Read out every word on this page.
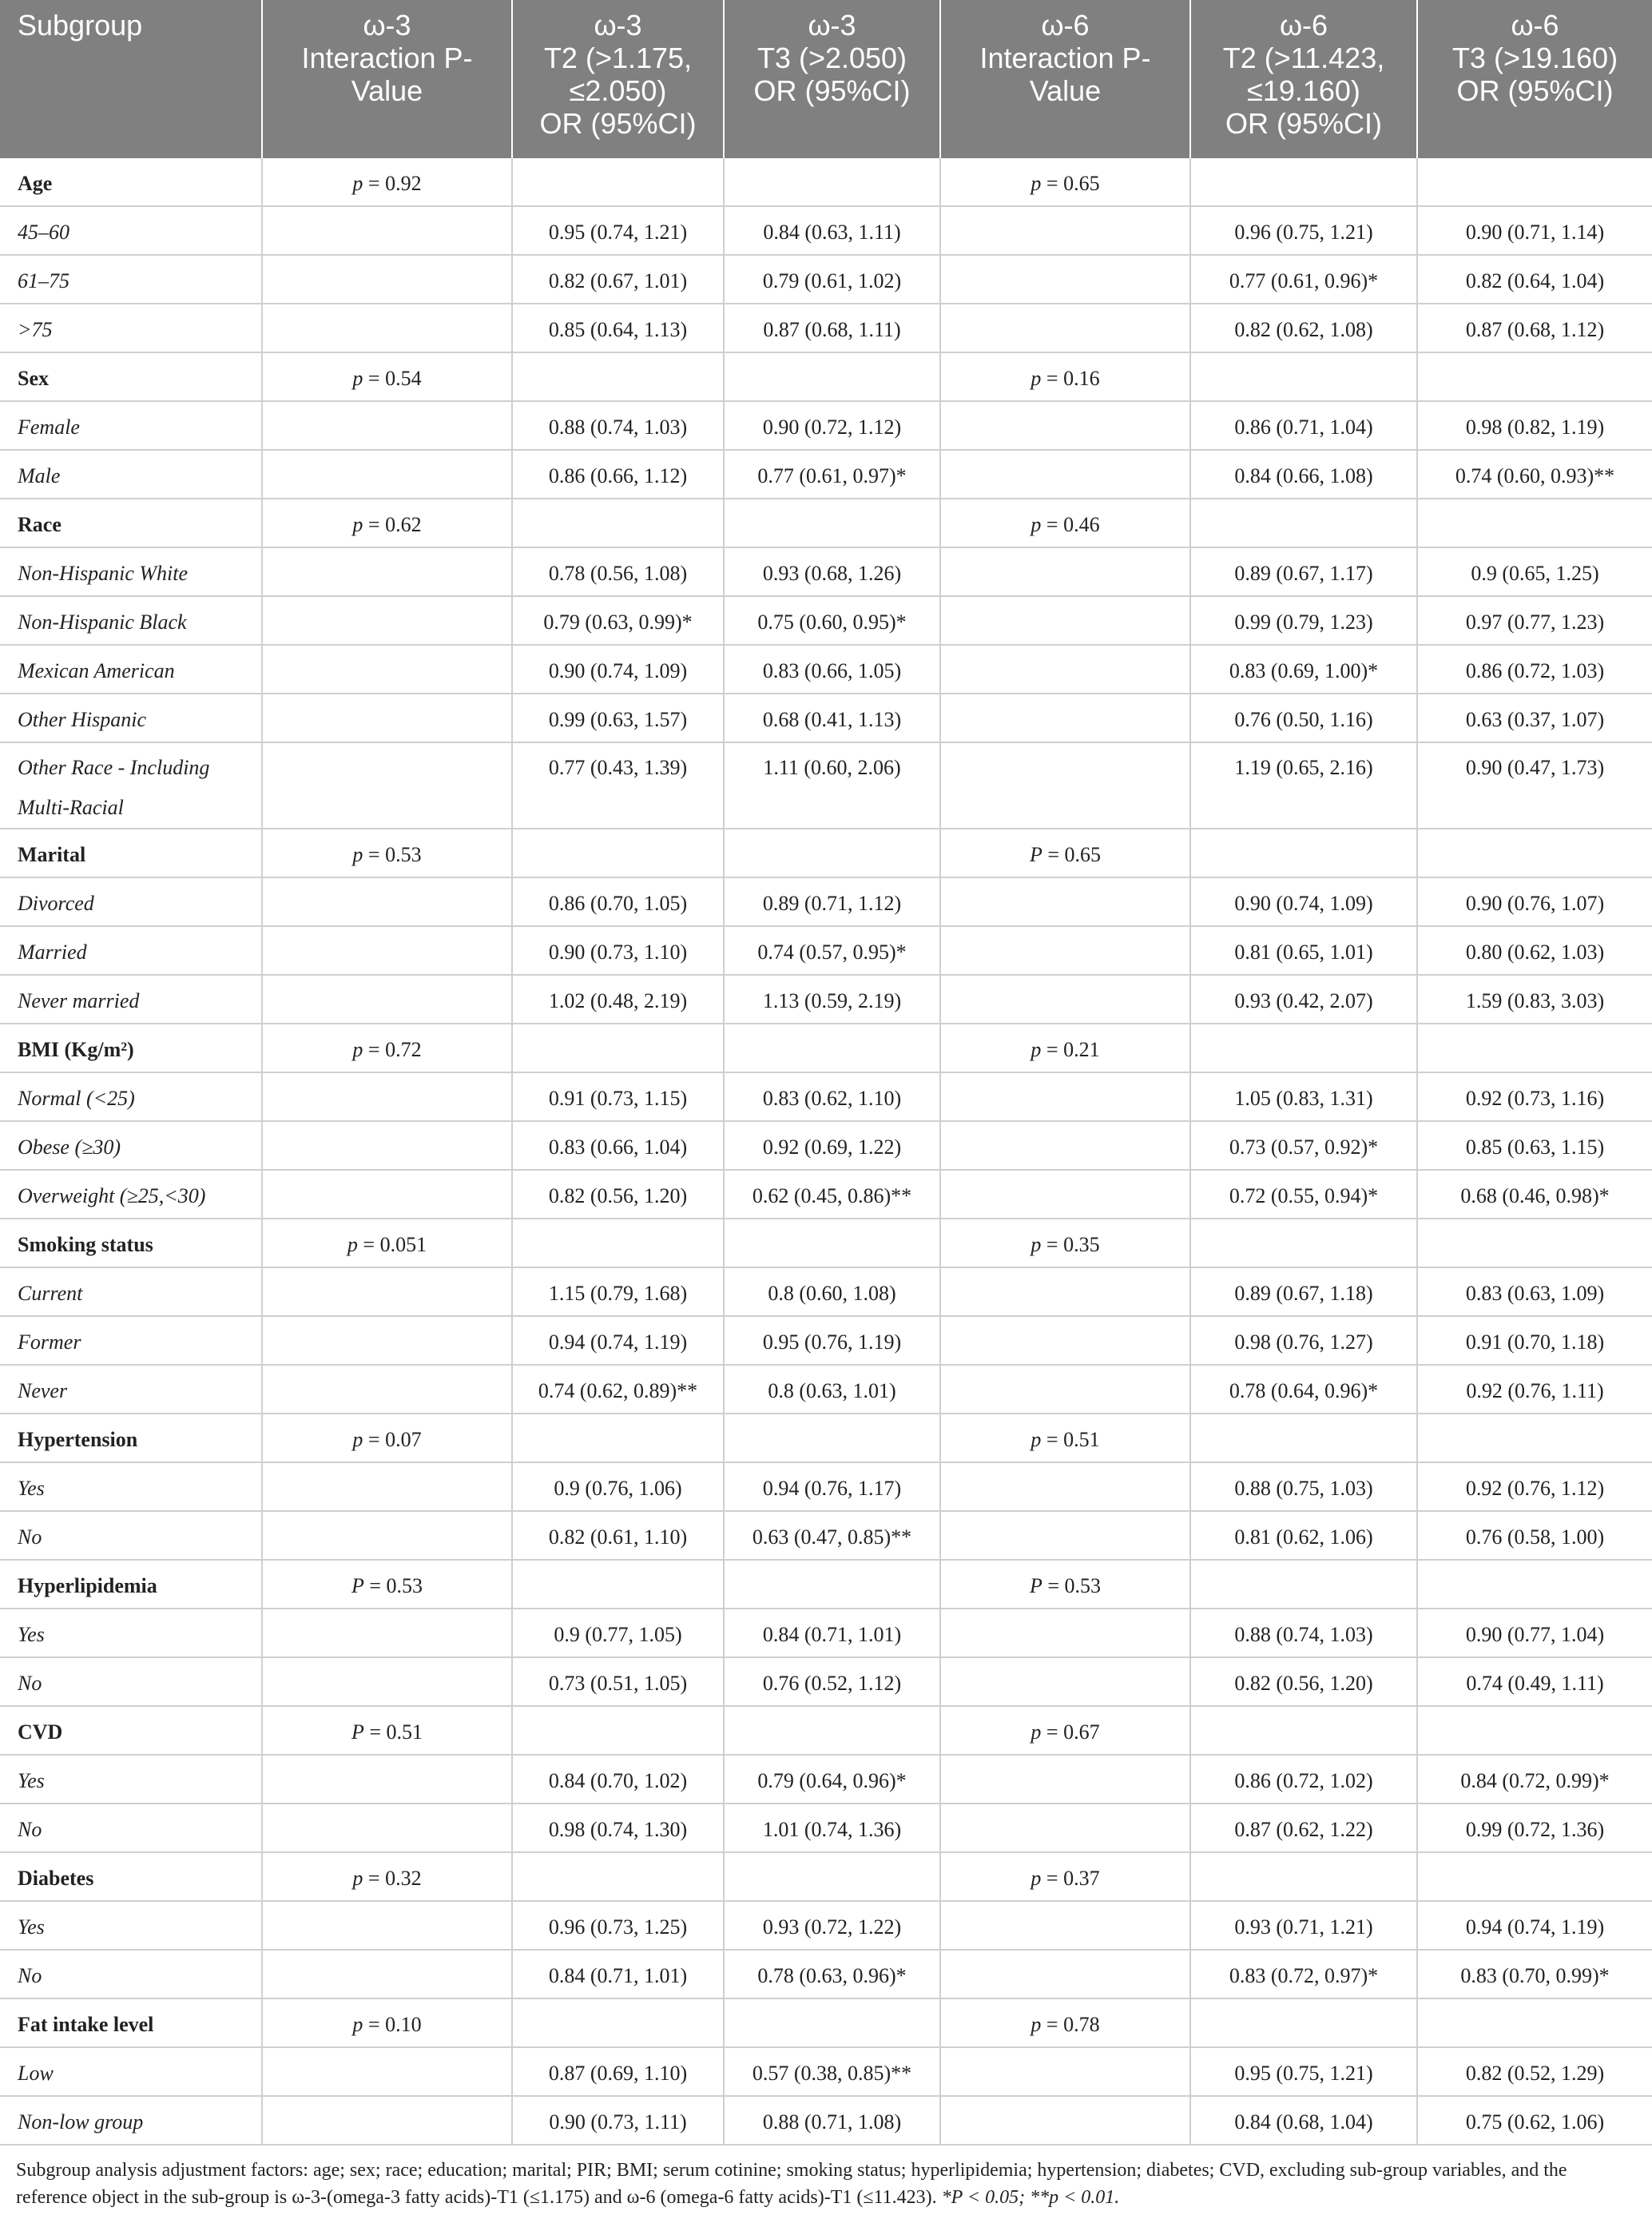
Subgroup	ω-3
Interaction P-
Value	ω-3
T2 (>1.175,
≤2.050)
OR (95%CI)	ω-3
T3 (>2.050)
OR (95%CI)	ω-6
Interaction P-
Value	ω-6
T2 (>11.423,
≤19.160)
OR (95%CI)	ω-6
T3 (>19.160)
OR (95%CI)

Age	p = 0.92			p = 0.65		

45–60		0.95 (0.74, 1.21)	0.84 (0.63, 1.11)		0.96 (0.75, 1.21)	0.90 (0.71, 1.14)

61–75		0.82 (0.67, 1.01)	0.79 (0.61, 1.02)		0.77 (0.61, 0.96)*	0.82 (0.64, 1.04)

>75		0.85 (0.64, 1.13)	0.87 (0.68, 1.11)		0.82 (0.62, 1.08)	0.87 (0.68, 1.12)

Sex	p = 0.54			p = 0.16		

Female		0.88 (0.74, 1.03)	0.90 (0.72, 1.12)		0.86 (0.71, 1.04)	0.98 (0.82, 1.19)

Male		0.86 (0.66, 1.12)	0.77 (0.61, 0.97)*		0.84 (0.66, 1.08)	0.74 (0.60, 0.93)**

Race	p = 0.62			p = 0.46		

Non-Hispanic White		0.78 (0.56, 1.08)	0.93 (0.68, 1.26)		0.89 (0.67, 1.17)	0.9 (0.65, 1.25)

Non-Hispanic Black		0.79 (0.63, 0.99)*	0.75 (0.60, 0.95)*		0.99 (0.79, 1.23)	0.97 (0.77, 1.23)

Mexican American		0.90 (0.74, 1.09)	0.83 (0.66, 1.05)		0.83 (0.69, 1.00)*	0.86 (0.72, 1.03)

Other Hispanic		0.99 (0.63, 1.57)	0.68 (0.41, 1.13)		0.76 (0.50, 1.16)	0.63 (0.37, 1.07)

Other Race - Including Multi-Racial		0.77 (0.43, 1.39)	1.11 (0.60, 2.06)		1.19 (0.65, 2.16)	0.90 (0.47, 1.73)

Marital	p = 0.53			P = 0.65		

Divorced		0.86 (0.70, 1.05)	0.89 (0.71, 1.12)		0.90 (0.74, 1.09)	0.90 (0.76, 1.07)

Married		0.90 (0.73, 1.10)	0.74 (0.57, 0.95)*		0.81 (0.65, 1.01)	0.80 (0.62, 1.03)

Never married		1.02 (0.48, 2.19)	1.13 (0.59, 2.19)		0.93 (0.42, 2.07)	1.59 (0.83, 3.03)

BMI (Kg/m²)	p = 0.72			p = 0.21		

Normal (<25)		0.91 (0.73, 1.15)	0.83 (0.62, 1.10)		1.05 (0.83, 1.31)	0.92 (0.73, 1.16)

Obese (≥30)		0.83 (0.66, 1.04)	0.92 (0.69, 1.22)		0.73 (0.57, 0.92)*	0.85 (0.63, 1.15)

Overweight (≥25,<30)		0.82 (0.56, 1.20)	0.62 (0.45, 0.86)**		0.72 (0.55, 0.94)*	0.68 (0.46, 0.98)*

Smoking status	p = 0.051			p = 0.35		

Current		1.15 (0.79, 1.68)	0.8 (0.60, 1.08)		0.89 (0.67, 1.18)	0.83 (0.63, 1.09)

Former		0.94 (0.74, 1.19)	0.95 (0.76, 1.19)		0.98 (0.76, 1.27)	0.91 (0.70, 1.18)

Never		0.74 (0.62, 0.89)**	0.8 (0.63, 1.01)		0.78 (0.64, 0.96)*	0.92 (0.76, 1.11)

Hypertension	p = 0.07			p = 0.51		

Yes		0.9 (0.76, 1.06)	0.94 (0.76, 1.17)		0.88 (0.75, 1.03)	0.92 (0.76, 1.12)

No		0.82 (0.61, 1.10)	0.63 (0.47, 0.85)**		0.81 (0.62, 1.06)	0.76 (0.58, 1.00)

Hyperlipidemia	P = 0.53			P = 0.53		

Yes		0.9 (0.77, 1.05)	0.84 (0.71, 1.01)		0.88 (0.74, 1.03)	0.90 (0.77, 1.04)

No		0.73 (0.51, 1.05)	0.76 (0.52, 1.12)		0.82 (0.56, 1.20)	0.74 (0.49, 1.11)

CVD	P = 0.51			p = 0.67		

Yes		0.84 (0.70, 1.02)	0.79 (0.64, 0.96)*		0.86 (0.72, 1.02)	0.84 (0.72, 0.99)*

No		0.98 (0.74, 1.30)	1.01 (0.74, 1.36)		0.87 (0.62, 1.22)	0.99 (0.72, 1.36)

Diabetes	p = 0.32			p = 0.37		

Yes		0.96 (0.73, 1.25)	0.93 (0.72, 1.22)		0.93 (0.71, 1.21)	0.94 (0.74, 1.19)

No		0.84 (0.71, 1.01)	0.78 (0.63, 0.96)*		0.83 (0.72, 0.97)*	0.83 (0.70, 0.99)*

Fat intake level	p = 0.10			p = 0.78		

Low		0.87 (0.69, 1.10)	0.57 (0.38, 0.85)**		0.95 (0.75, 1.21)	0.82 (0.52, 1.29)

Non-low group		0.90 (0.73, 1.11)	0.88 (0.71, 1.08)		0.84 (0.68, 1.04)	0.75 (0.62, 1.06)
Subgroup analysis adjustment factors: age; sex; race; education; marital; PIR; BMI; serum cotinine; smoking status; hyperlipidemia; hypertension; diabetes; CVD, excluding sub-group variables, and the reference object in the sub-group is ω-3-(omega-3 fatty acids)-T1 (≤1.175) and ω-6 (omega-6 fatty acids)-T1 (≤11.423). *P < 0.05; **p < 0.01.
